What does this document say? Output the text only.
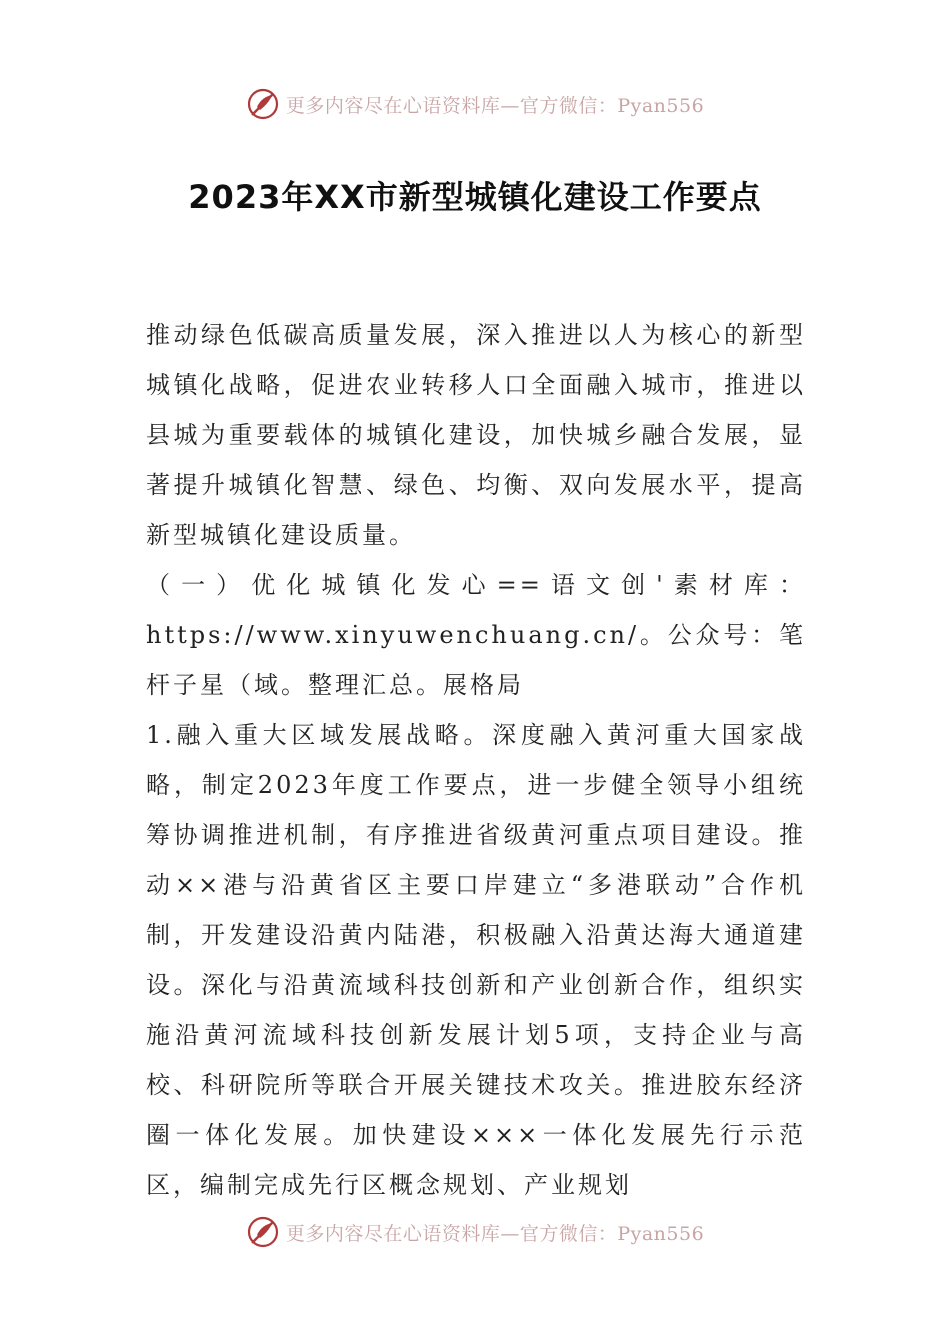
更多内容尽在心语资料库—官方微信：Pyan556
2023年XX市新型城镇化建设工作要点

推动绿色低碳高质量发展，深入推进以人为核心的新型城镇化战略，促进农业转移人口全面融入城市，推进以县城为重要载体的城镇化建设，加快城乡融合发展，显著提升城镇化智慧、绿色、均衡、双向发展水平，提高新型城镇化建设质量。

（一）优化城镇化发心==语文创'素材库：https://www.xinyuwenchuang.cn/。公众号：笔杆子星（域。整理汇总。展格局

1.融入重大区域发展战略。深度融入黄河重大国家战略，制定2023年度工作要点，进一步健全领导小组统筹协调推进机制，有序推进省级黄河重点项目建设。推动××港与沿黄省区主要口岸建立“多港联动”合作机制，开发建设沿黄内陆港，积极融入沿黄达海大通道建设。深化与沿黄流域科技创新和产业创新合作，组织实施沿黄河流域科技创新发展计划5项，支持企业与高校、科研院所等联合开展关键技术攻关。推进胶东经济圈一体化发展。加快建设×××一体化发展先行示范区，编制完成先行区概念规划、产业规划

更多内容尽在心语资料库—官方微信：Pyan556
